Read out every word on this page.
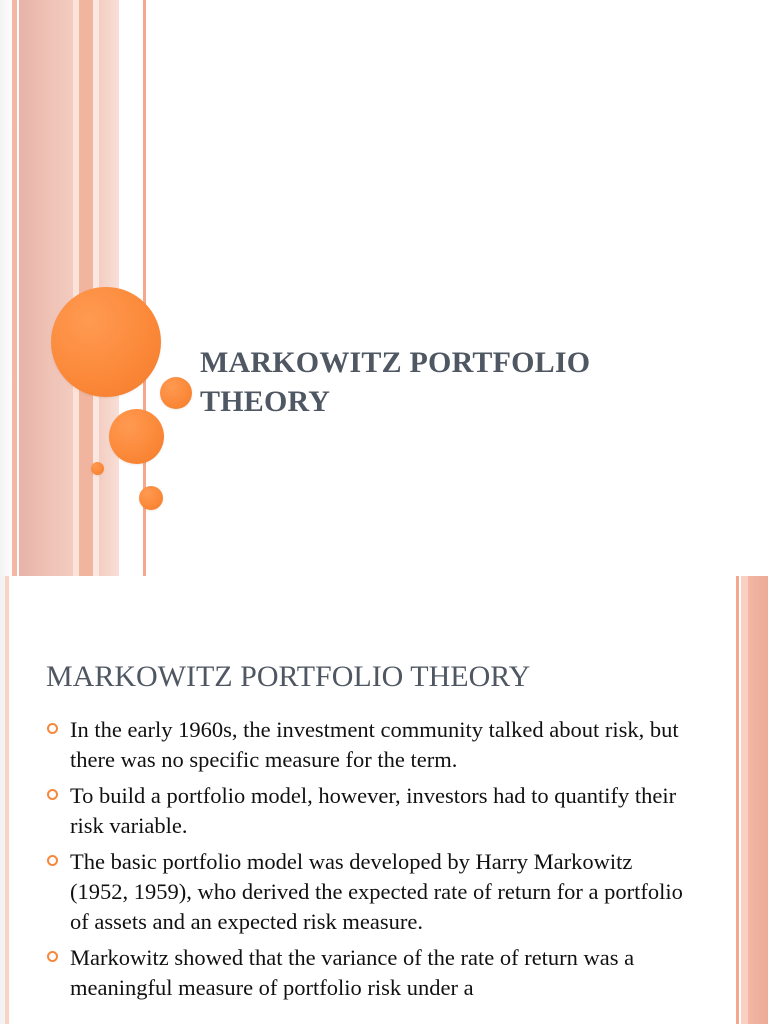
MARKOWITZ PORTFOLIO THEORY
MARKOWITZ PORTFOLIO THEORY
In the early 1960s, the investment community talked about risk, but there was no specific measure for the term.
To build a portfolio model, however, investors had to quantify their risk variable.
The basic portfolio model was developed by Harry Markowitz (1952, 1959), who derived the expected rate of return for a portfolio of assets and an expected risk measure.
Markowitz showed that the variance of the rate of return was a meaningful measure of portfolio risk under a
